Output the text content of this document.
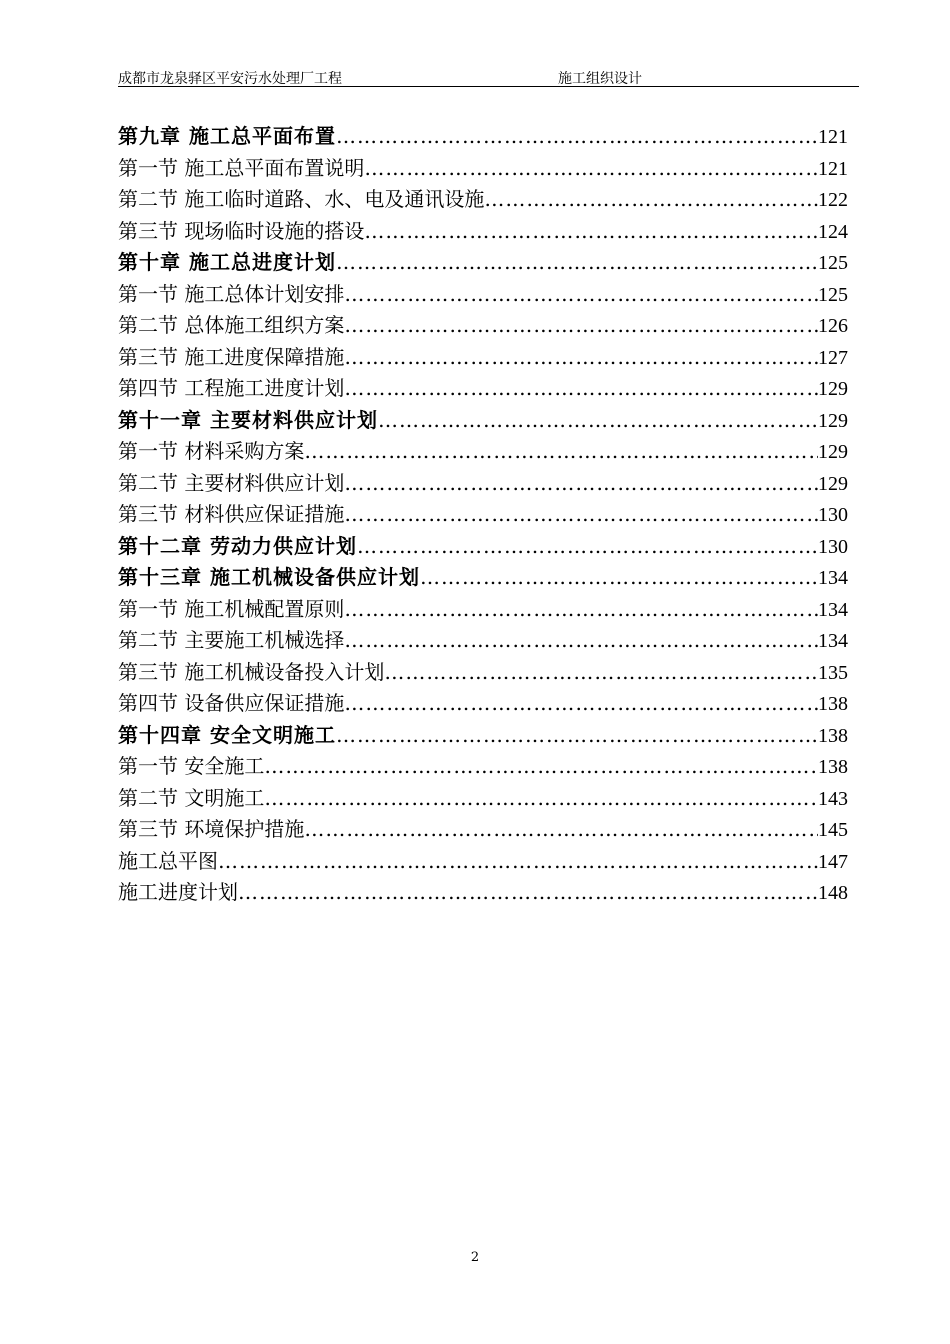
成都市龙泉驿区平安污水处理厂工程	施工组织设计
第九章 施工总平面布置 …………………………………………………………………………………………………………………………………………………………	121
第一节 施工总平面布置说明 …………………………………………………………………………………………………………………………………………………………	121
第二节 施工临时道路、水、电及通讯设施 …………………………………………………………………………………………………………………………………………………………	122
第三节 现场临时设施的搭设 …………………………………………………………………………………………………………………………………………………………	124
第十章 施工总进度计划 …………………………………………………………………………………………………………………………………………………………	125
第一节 施工总体计划安排 …………………………………………………………………………………………………………………………………………………………	125
第二节 总体施工组织方案 …………………………………………………………………………………………………………………………………………………………	126
第三节 施工进度保障措施 …………………………………………………………………………………………………………………………………………………………	127
第四节 工程施工进度计划 …………………………………………………………………………………………………………………………………………………………	129
第十一章 主要材料供应计划 …………………………………………………………………………………………………………………………………………………………	129
第一节 材料采购方案 …………………………………………………………………………………………………………………………………………………………	129
第二节 主要材料供应计划 …………………………………………………………………………………………………………………………………………………………	129
第三节 材料供应保证措施 …………………………………………………………………………………………………………………………………………………………	130
第十二章 劳动力供应计划 …………………………………………………………………………………………………………………………………………………………	130
第十三章 施工机械设备供应计划 …………………………………………………………………………………………………………………………………………………………	134
第一节 施工机械配置原则 …………………………………………………………………………………………………………………………………………………………	134
第二节 主要施工机械选择 …………………………………………………………………………………………………………………………………………………………	134
第三节 施工机械设备投入计划 …………………………………………………………………………………………………………………………………………………………	135
第四节 设备供应保证措施 …………………………………………………………………………………………………………………………………………………………	138
第十四章 安全文明施工 …………………………………………………………………………………………………………………………………………………………	138
第一节 安全施工 …………………………………………………………………………………………………………………………………………………………	138
第二节 文明施工 …………………………………………………………………………………………………………………………………………………………	143
第三节 环境保护措施 …………………………………………………………………………………………………………………………………………………………	145
施工总平图 …………………………………………………………………………………………………………………………………………………………	147
施工进度计划 …………………………………………………………………………………………………………………………………………………………	148
2
